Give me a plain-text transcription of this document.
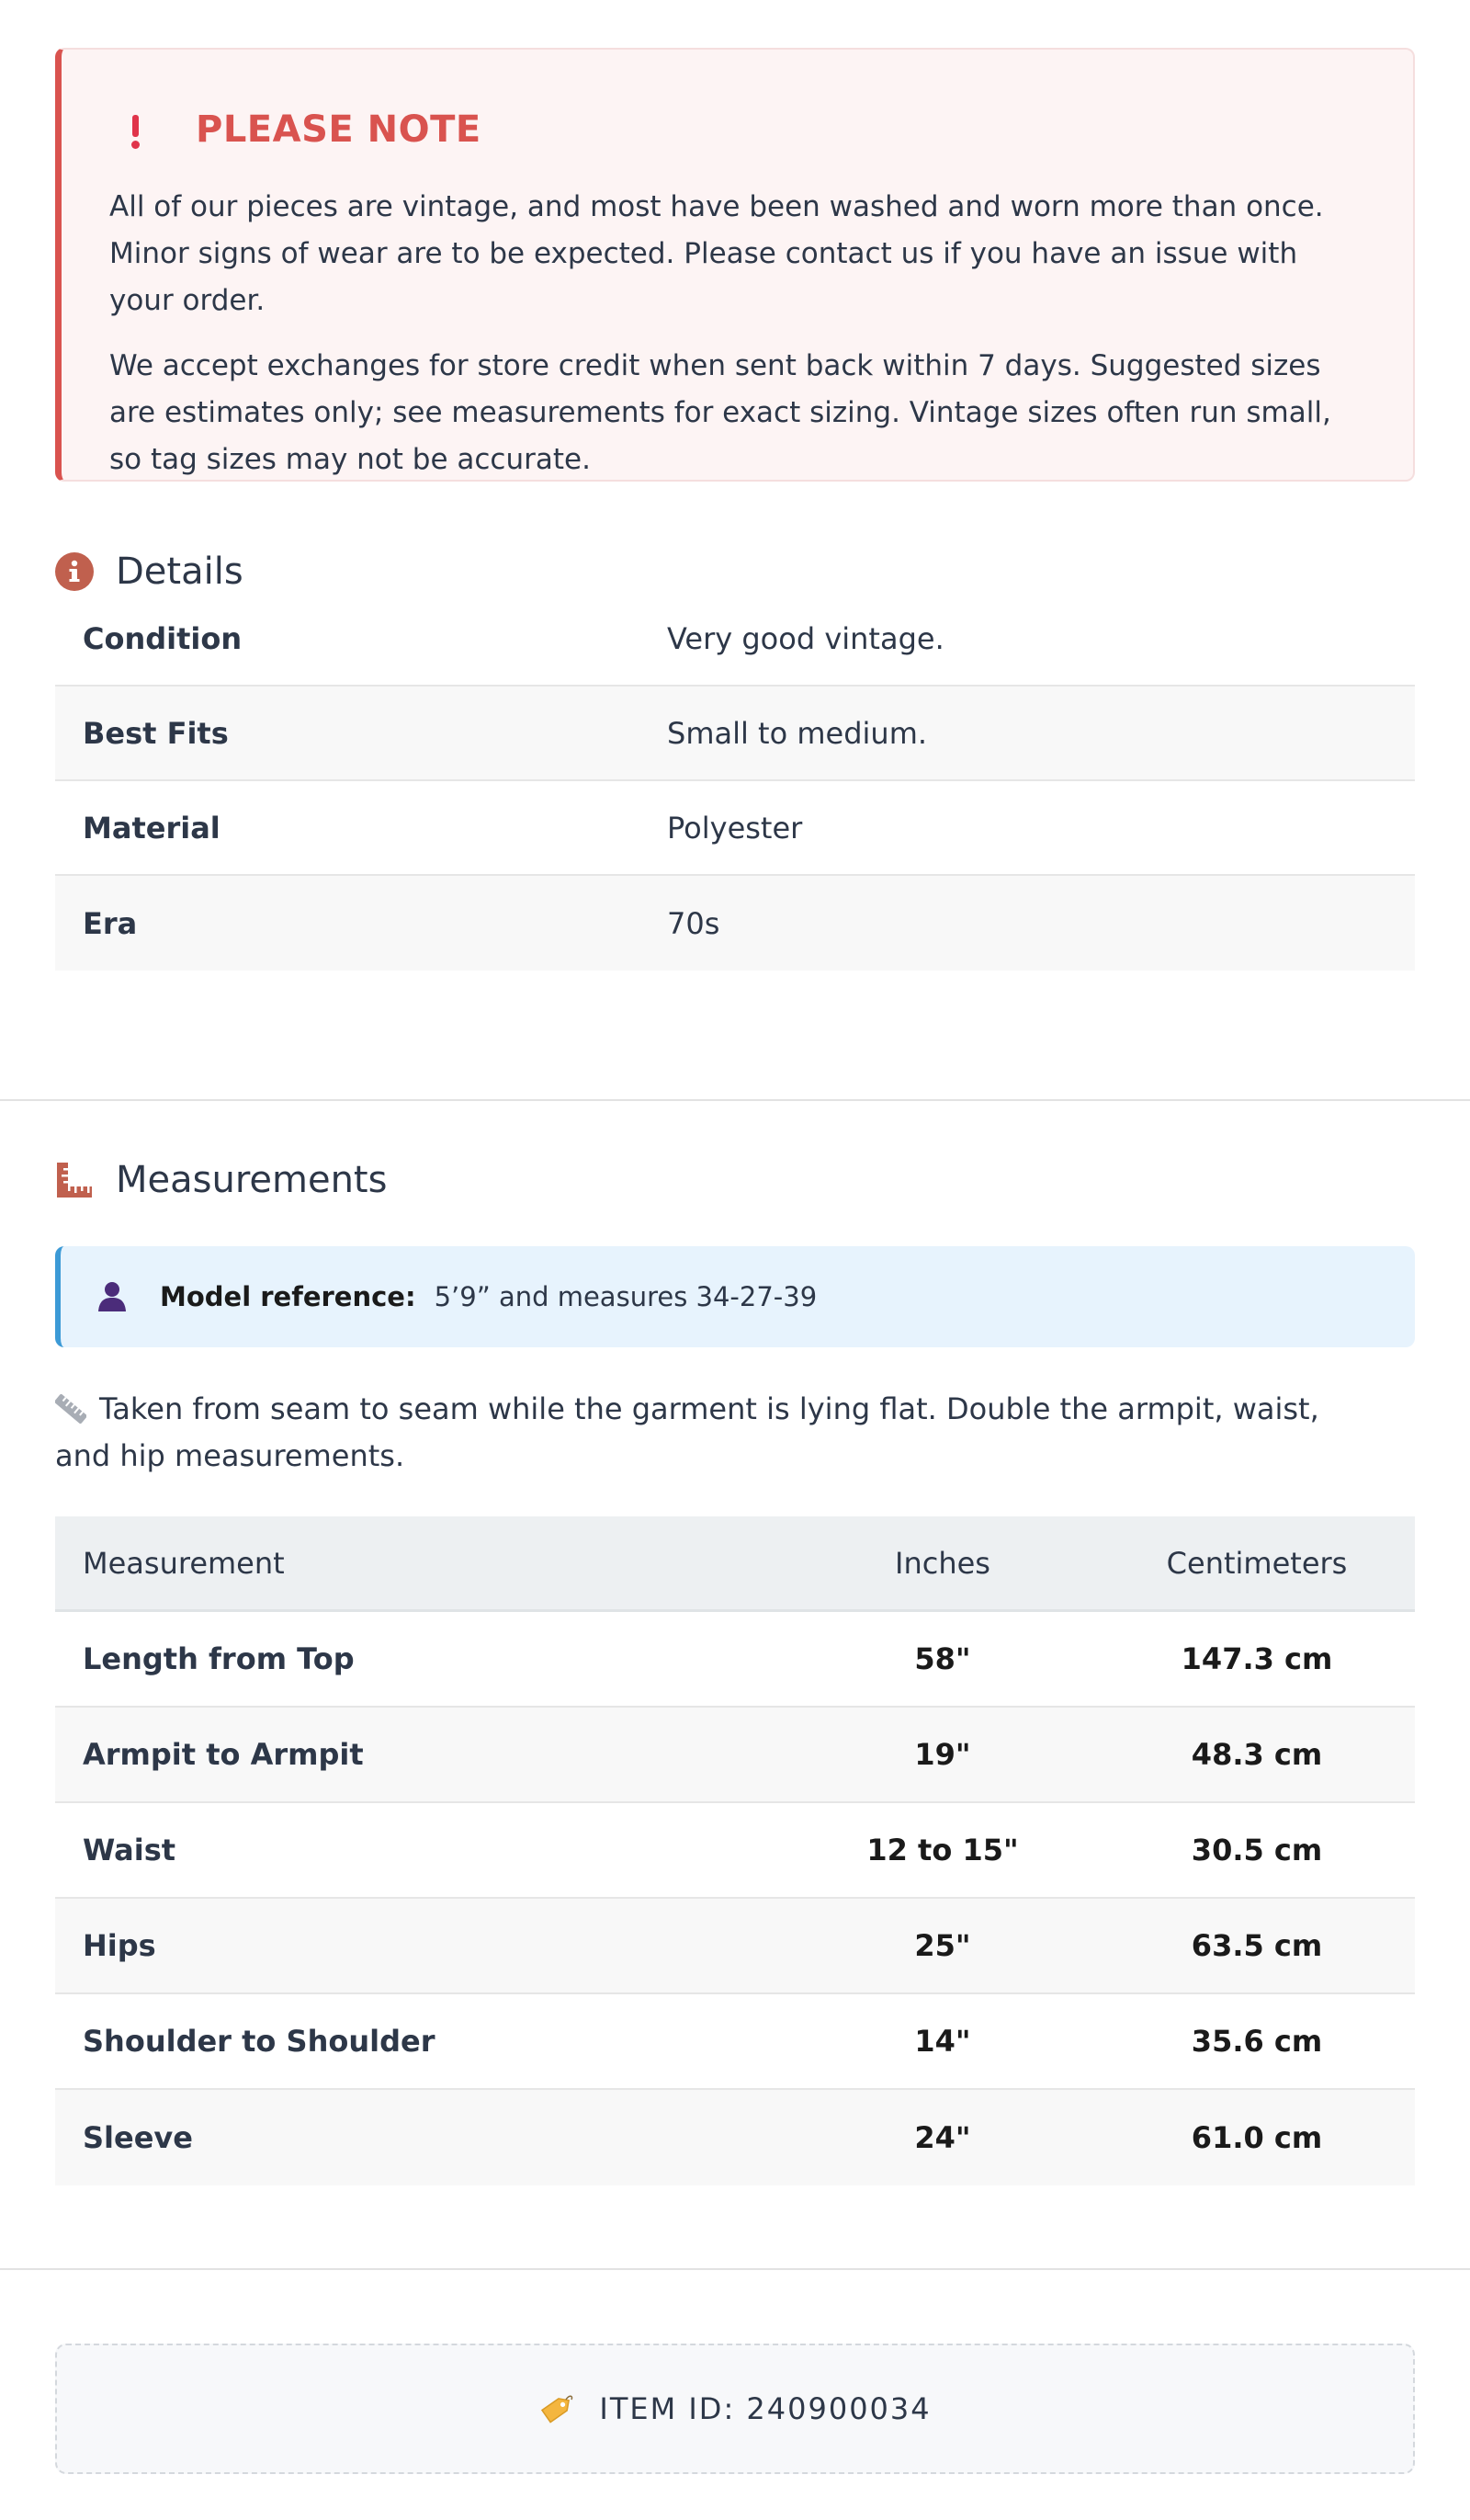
PLEASE NOTE

All of our pieces are vintage, and most have been washed and worn more than once. Minor signs of wear are to be expected. Please contact us if you have an issue with your order.

We accept exchanges for store credit when sent back within 7 days. Suggested sizes are estimates only; see measurements for exact sizing. Vintage sizes often run small, so tag sizes may not be accurate.

Details
Condition	Very good vintage.
Best Fits	Small to medium.
Material	Polyester
Era	70s
Measurements
Model reference: 5’9” and measures 34-27-39
Taken from seam to seam while the garment is lying flat. Double the armpit, waist, and hip measurements.
Measurement	Inches	Centimeters
Length from Top	58"	147.3 cm
Armpit to Armpit	19"	48.3 cm
Waist	12 to 15"	30.5 cm
Hips	25"	63.5 cm
Shoulder to Shoulder	14"	35.6 cm
Sleeve	24"	61.0 cm
ITEM ID: 240900034
